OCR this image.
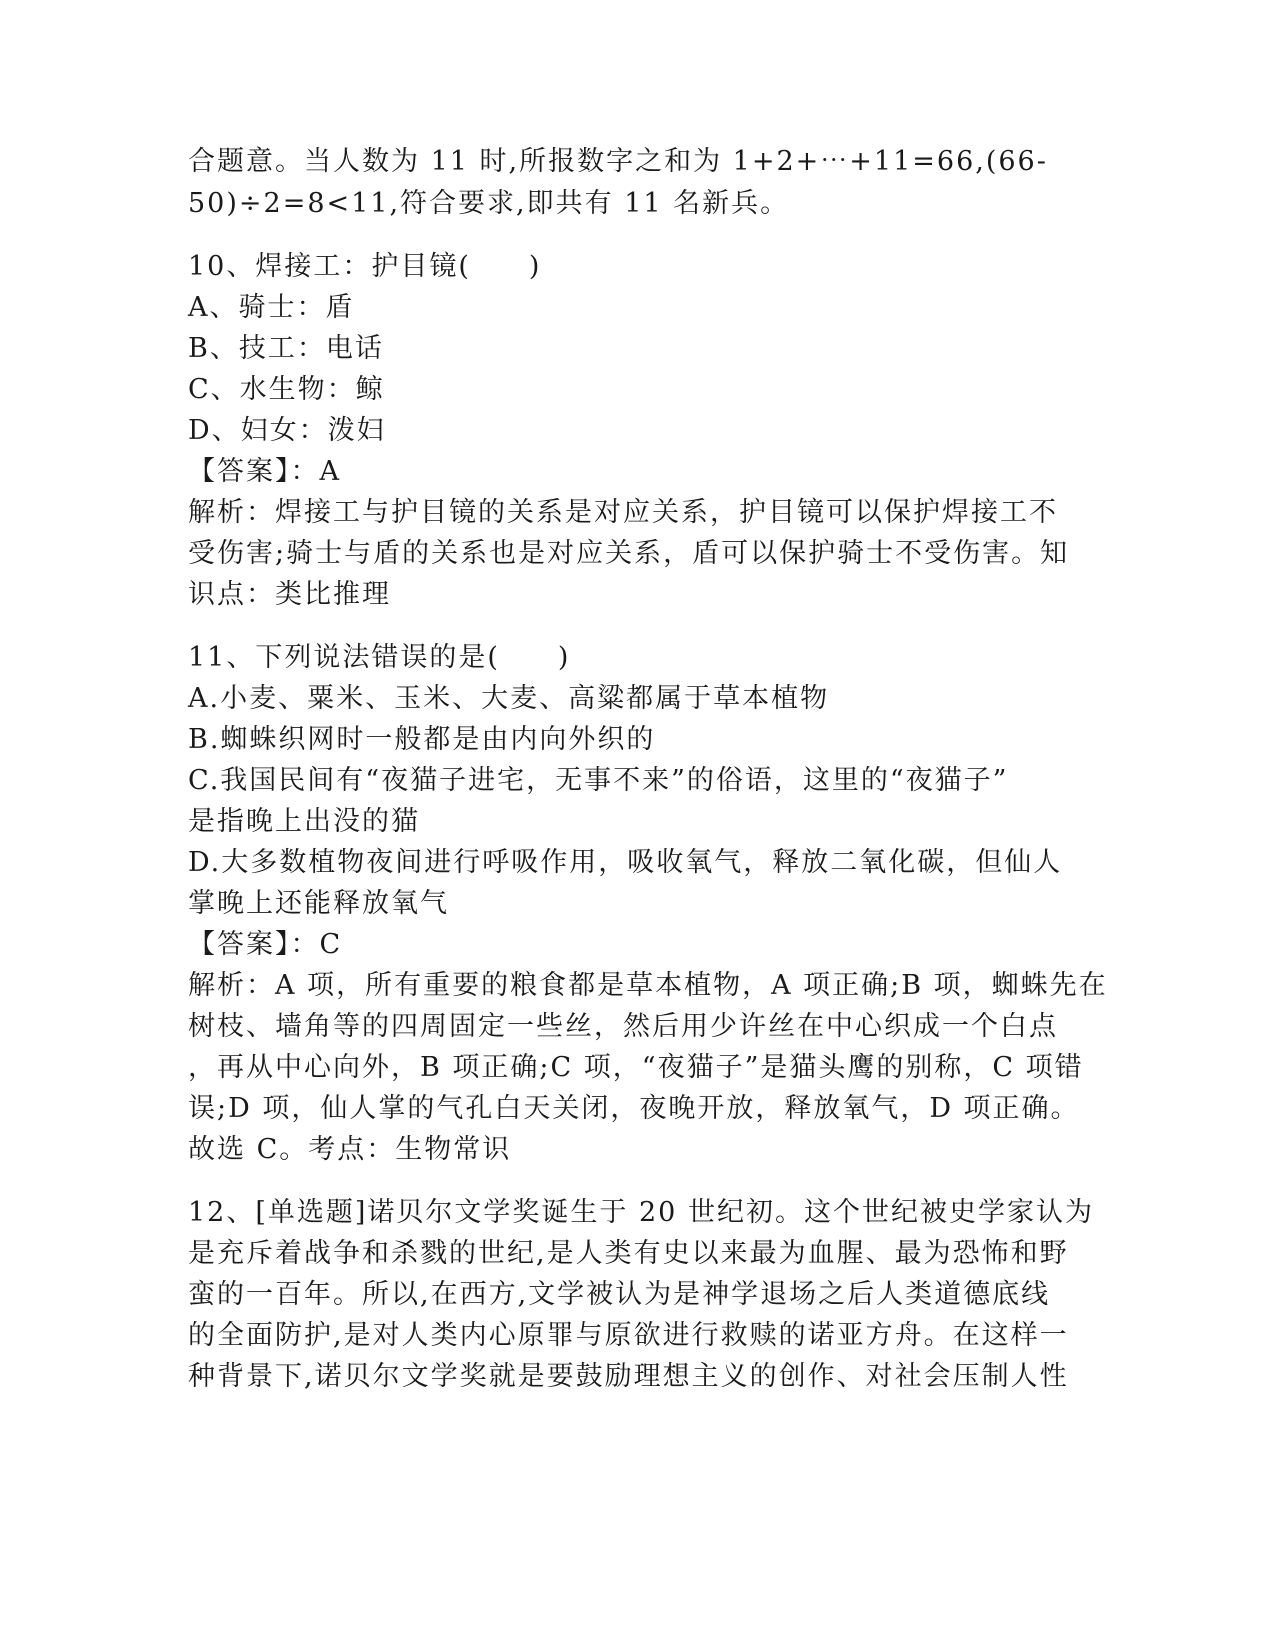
合题意。当人数为 11 时,所报数字之和为 1+2+⋯+11=66,(66-
50)÷2=8<11,符合要求,即共有 11 名新兵。
10、焊接工：护目镜(　　)
A、骑士：盾
B、技工：电话
C、水生物：鲸
D、妇女：泼妇
【答案】：A
解析：焊接工与护目镜的关系是对应关系，护目镜可以保护焊接工不
受伤害;骑士与盾的关系也是对应关系，盾可以保护骑士不受伤害。知
识点：类比推理
11、下列说法错误的是(　　)
A.小麦、粟米、玉米、大麦、高粱都属于草本植物
B.蜘蛛织网时一般都是由内向外织的
C.我国民间有“夜猫子进宅，无事不来”的俗语，这里的“夜猫子”
是指晚上出没的猫
D.大多数植物夜间进行呼吸作用，吸收氧气，释放二氧化碳，但仙人
掌晚上还能释放氧气
【答案】：C
解析：A 项，所有重要的粮食都是草本植物，A 项正确;B 项，蜘蛛先在
树枝、墙角等的四周固定一些丝，然后用少许丝在中心织成一个白点
，再从中心向外，B 项正确;C 项，“夜猫子”是猫头鹰的别称，C 项错
误;D 项，仙人掌的气孔白天关闭，夜晚开放，释放氧气，D 项正确。
故选 C。考点：生物常识
12、[单选题]诺贝尔文学奖诞生于 20 世纪初。这个世纪被史学家认为
是充斥着战争和杀戮的世纪,是人类有史以来最为血腥、最为恐怖和野
蛮的一百年。所以,在西方,文学被认为是神学退场之后人类道德底线
的全面防护,是对人类内心原罪与原欲进行救赎的诺亚方舟。在这样一
种背景下,诺贝尔文学奖就是要鼓励理想主义的创作、对社会压制人性
